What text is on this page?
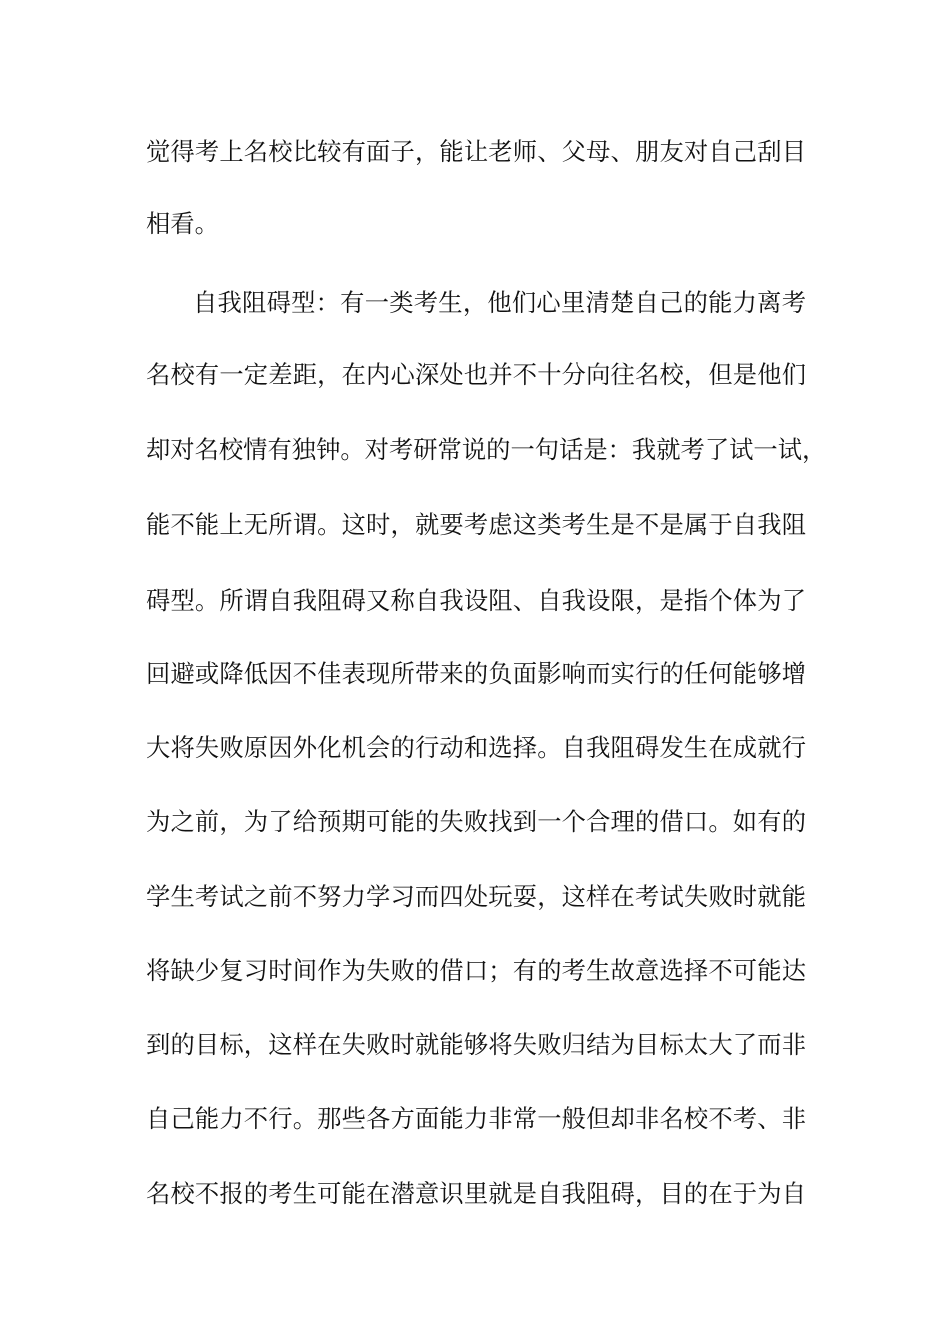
觉得考上名校比较有面子，能让老师、父母、朋友对自己刮目
相看。
自我阻碍型：有一类考生，他们心里清楚自己的能力离考
名校有一定差距，在内心深处也并不十分向往名校，但是他们
却对名校情有独钟。对考研常说的一句话是：我就考了试一试，
能不能上无所谓。这时，就要考虑这类考生是不是属于自我阻
碍型。所谓自我阻碍又称自我设阻、自我设限，是指个体为了
回避或降低因不佳表现所带来的负面影响而实行的任何能够增
大将失败原因外化机会的行动和选择。自我阻碍发生在成就行
为之前，为了给预期可能的失败找到一个合理的借口。如有的
学生考试之前不努力学习而四处玩耍，这样在考试失败时就能
将缺少复习时间作为失败的借口；有的考生故意选择不可能达
到的目标，这样在失败时就能够将失败归结为目标太大了而非
自己能力不行。那些各方面能力非常一般但却非名校不考、非
名校不报的考生可能在潜意识里就是自我阻碍，目的在于为自
